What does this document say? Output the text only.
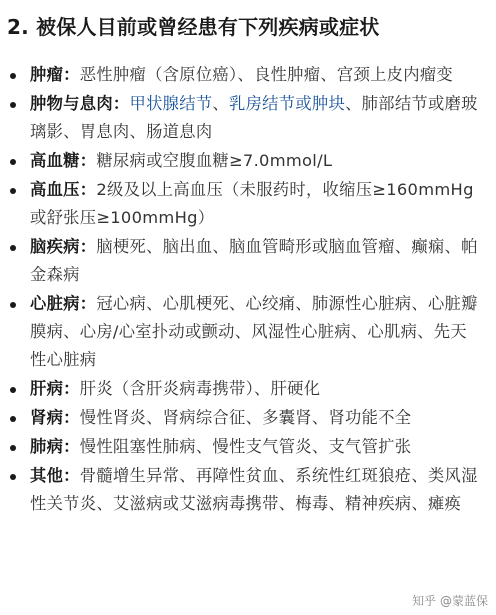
2. 被保人目前或曾经患有下列疾病或症状
肿瘤：恶性肿瘤（含原位癌）、良性肿瘤、宫颈上皮内瘤变
肿物与息肉：甲状腺结节、乳房结节或肿块、肺部结节或磨玻璃影、胃息肉、肠道息肉
高血糖：糖尿病或空腹血糖≥7.0mmol/L
高血压：2级及以上高血压（未服药时，收缩压≥160mmHg或舒张压≥100mmHg）
脑疾病：脑梗死、脑出血、脑血管畸形或脑血管瘤、癫痫、帕金森病
心脏病：冠心病、心肌梗死、心绞痛、肺源性心脏病、心脏瓣膜病、心房/心室扑动或颤动、风湿性心脏病、心肌病、先天性心脏病
肝病：肝炎（含肝炎病毒携带）、肝硬化
肾病：慢性肾炎、肾病综合征、多囊肾、肾功能不全
肺病：慢性阻塞性肺病、慢性支气管炎、支气管扩张
其他：骨髓增生异常、再障性贫血、系统性红斑狼疮、类风湿性关节炎、艾滋病或艾滋病毒携带、梅毒、精神疾病、瘫痪
知乎 @蒙蓝保
